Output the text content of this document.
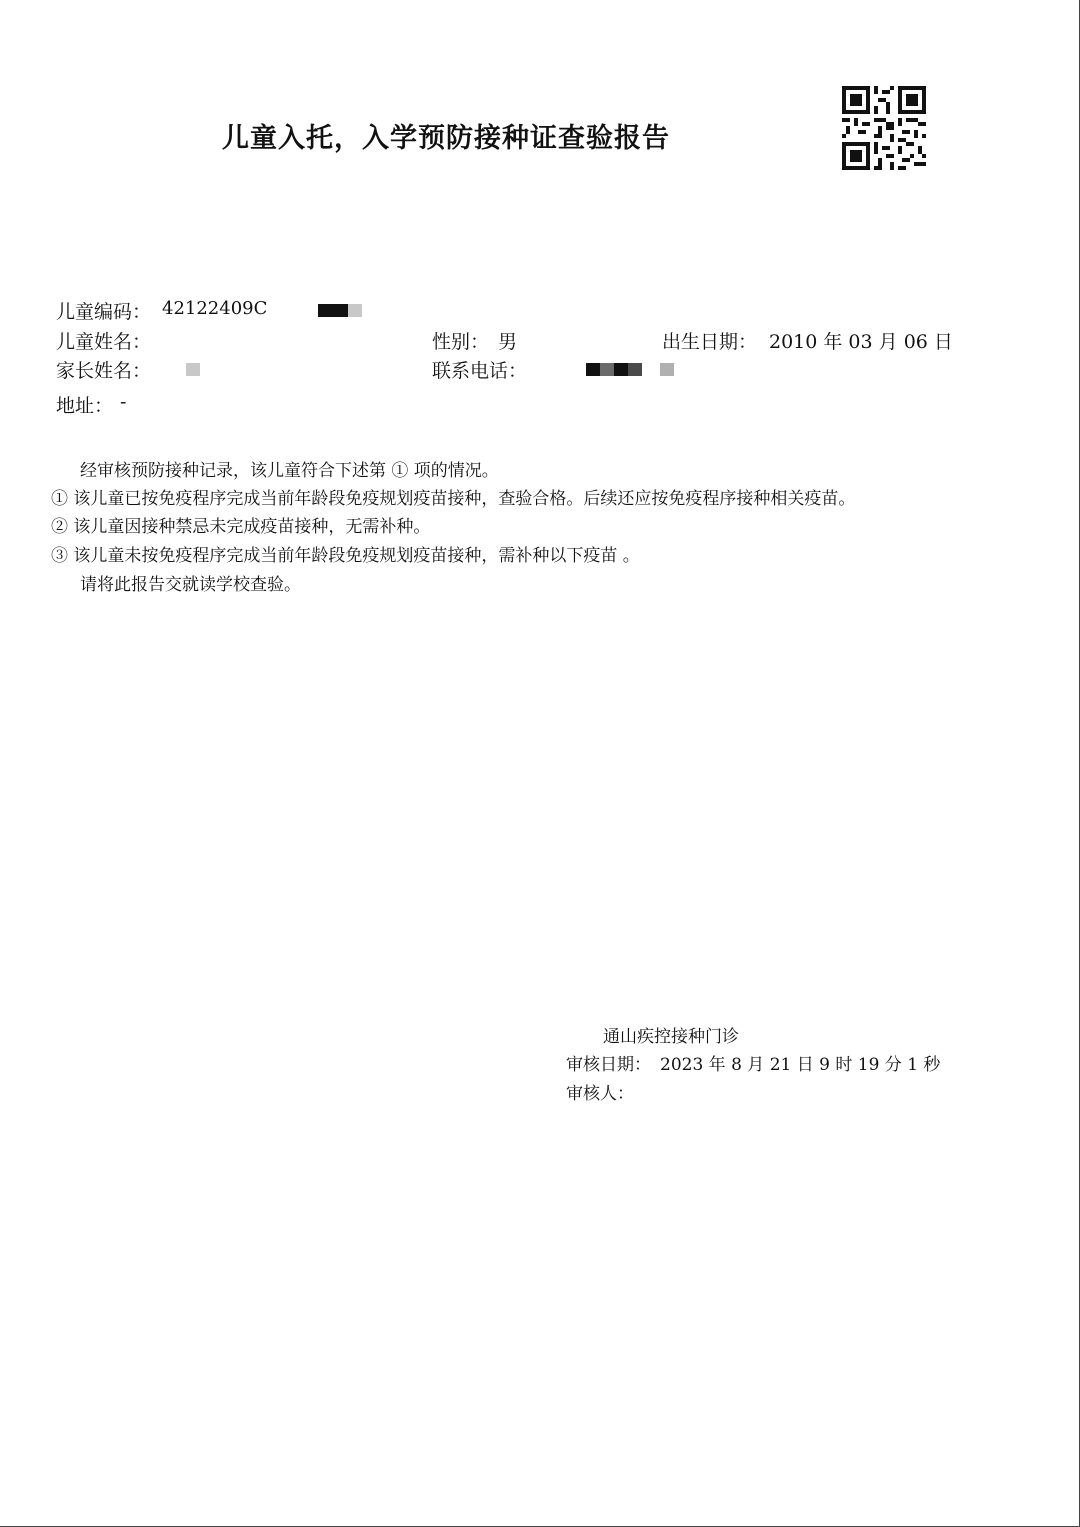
儿童入托，入学预防接种证查验报告
儿童编码： 42122409C
儿童姓名：	性别： 男	出生日期： 2010 年 03 月 06 日
家长姓名：	联系电话：
地址： -
经审核预防接种记录，该儿童符合下述第 ① 项的情况。
① 该儿童已按免疫程序完成当前年龄段免疫规划疫苗接种，查验合格。后续还应按免疫程序接种相关疫苗。
② 该儿童因接种禁忌未完成疫苗接种，无需补种。
③ 该儿童未按免疫程序完成当前年龄段免疫规划疫苗接种，需补种以下疫苗 。
请将此报告交就读学校查验。
通山疾控接种门诊
审核日期： 2023 年 8 月 21 日 9 时 19 分 1 秒
审核人：
